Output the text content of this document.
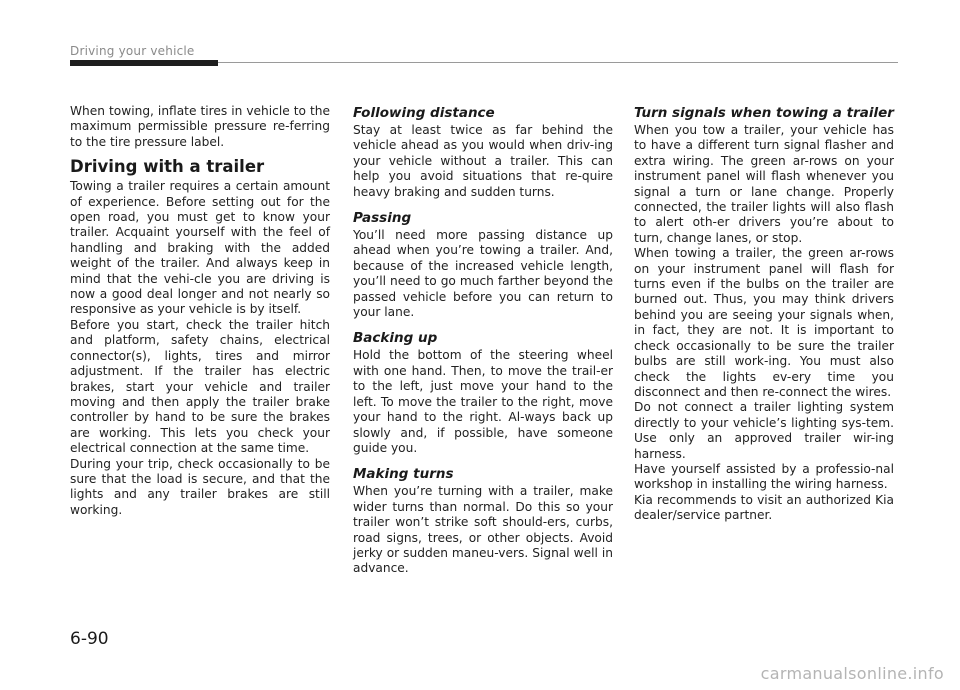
Driving your vehicle

When towing, inflate tires in vehicle to the maximum permissible pressure re-ferring to the tire pressure label.

Driving with a trailer

Towing a trailer requires a certain amount of experience. Before setting out for the open road, you must get to know your trailer. Acquaint yourself with the feel of handling and braking with the added weight of the trailer. And always keep in mind that the vehi-cle you are driving is now a good deal longer and not nearly so responsive as your vehicle is by itself.

Before you start, check the trailer hitch and platform, safety chains, electrical connector(s), lights, tires and mirror adjustment. If the trailer has electric brakes, start your vehicle and trailer moving and then apply the trailer brake controller by hand to be sure the brakes are working. This lets you check your electrical connection at the same time.

During your trip, check occasionally to be sure that the load is secure, and that the lights and any trailer brakes are still working.

Following distance

Stay at least twice as far behind the vehicle ahead as you would when driv-ing your vehicle without a trailer. This can help you avoid situations that re-quire heavy braking and sudden turns.

Passing

You’ll need more passing distance up ahead when you’re towing a trailer. And, because of the increased vehicle length, you’ll need to go much farther beyond the passed vehicle before you can return to your lane.

Backing up

Hold the bottom of the steering wheel with one hand. Then, to move the trail-er to the left, just move your hand to the left. To move the trailer to the right, move your hand to the right. Al-ways back up slowly and, if possible, have someone guide you.

Making turns

When you’re turning with a trailer, make wider turns than normal. Do this so your trailer won’t strike soft should-ers, curbs, road signs, trees, or other objects. Avoid jerky or sudden maneu-vers. Signal well in advance.

Turn signals when towing a trailer

When you tow a trailer, your vehicle has to have a different turn signal flasher and extra wiring. The green ar-rows on your instrument panel will flash whenever you signal a turn or lane change. Properly connected, the trailer lights will also flash to alert oth-er drivers you’re about to turn, change lanes, or stop.

When towing a trailer, the green ar-rows on your instrument panel will flash for turns even if the bulbs on the trailer are burned out. Thus, you may think drivers behind you are seeing your signals when, in fact, they are not. It is important to check occasionally to be sure the trailer bulbs are still work-ing. You must also check the lights ev-ery time you disconnect and then re-connect the wires.

Do not connect a trailer lighting system directly to your vehicle’s lighting sys-tem. Use only an approved trailer wir-ing harness.

Have yourself assisted by a professio-nal workshop in installing the wiring harness.

Kia recommends to visit an authorized Kia dealer/service partner.

6-90
carmanualsonline.info
